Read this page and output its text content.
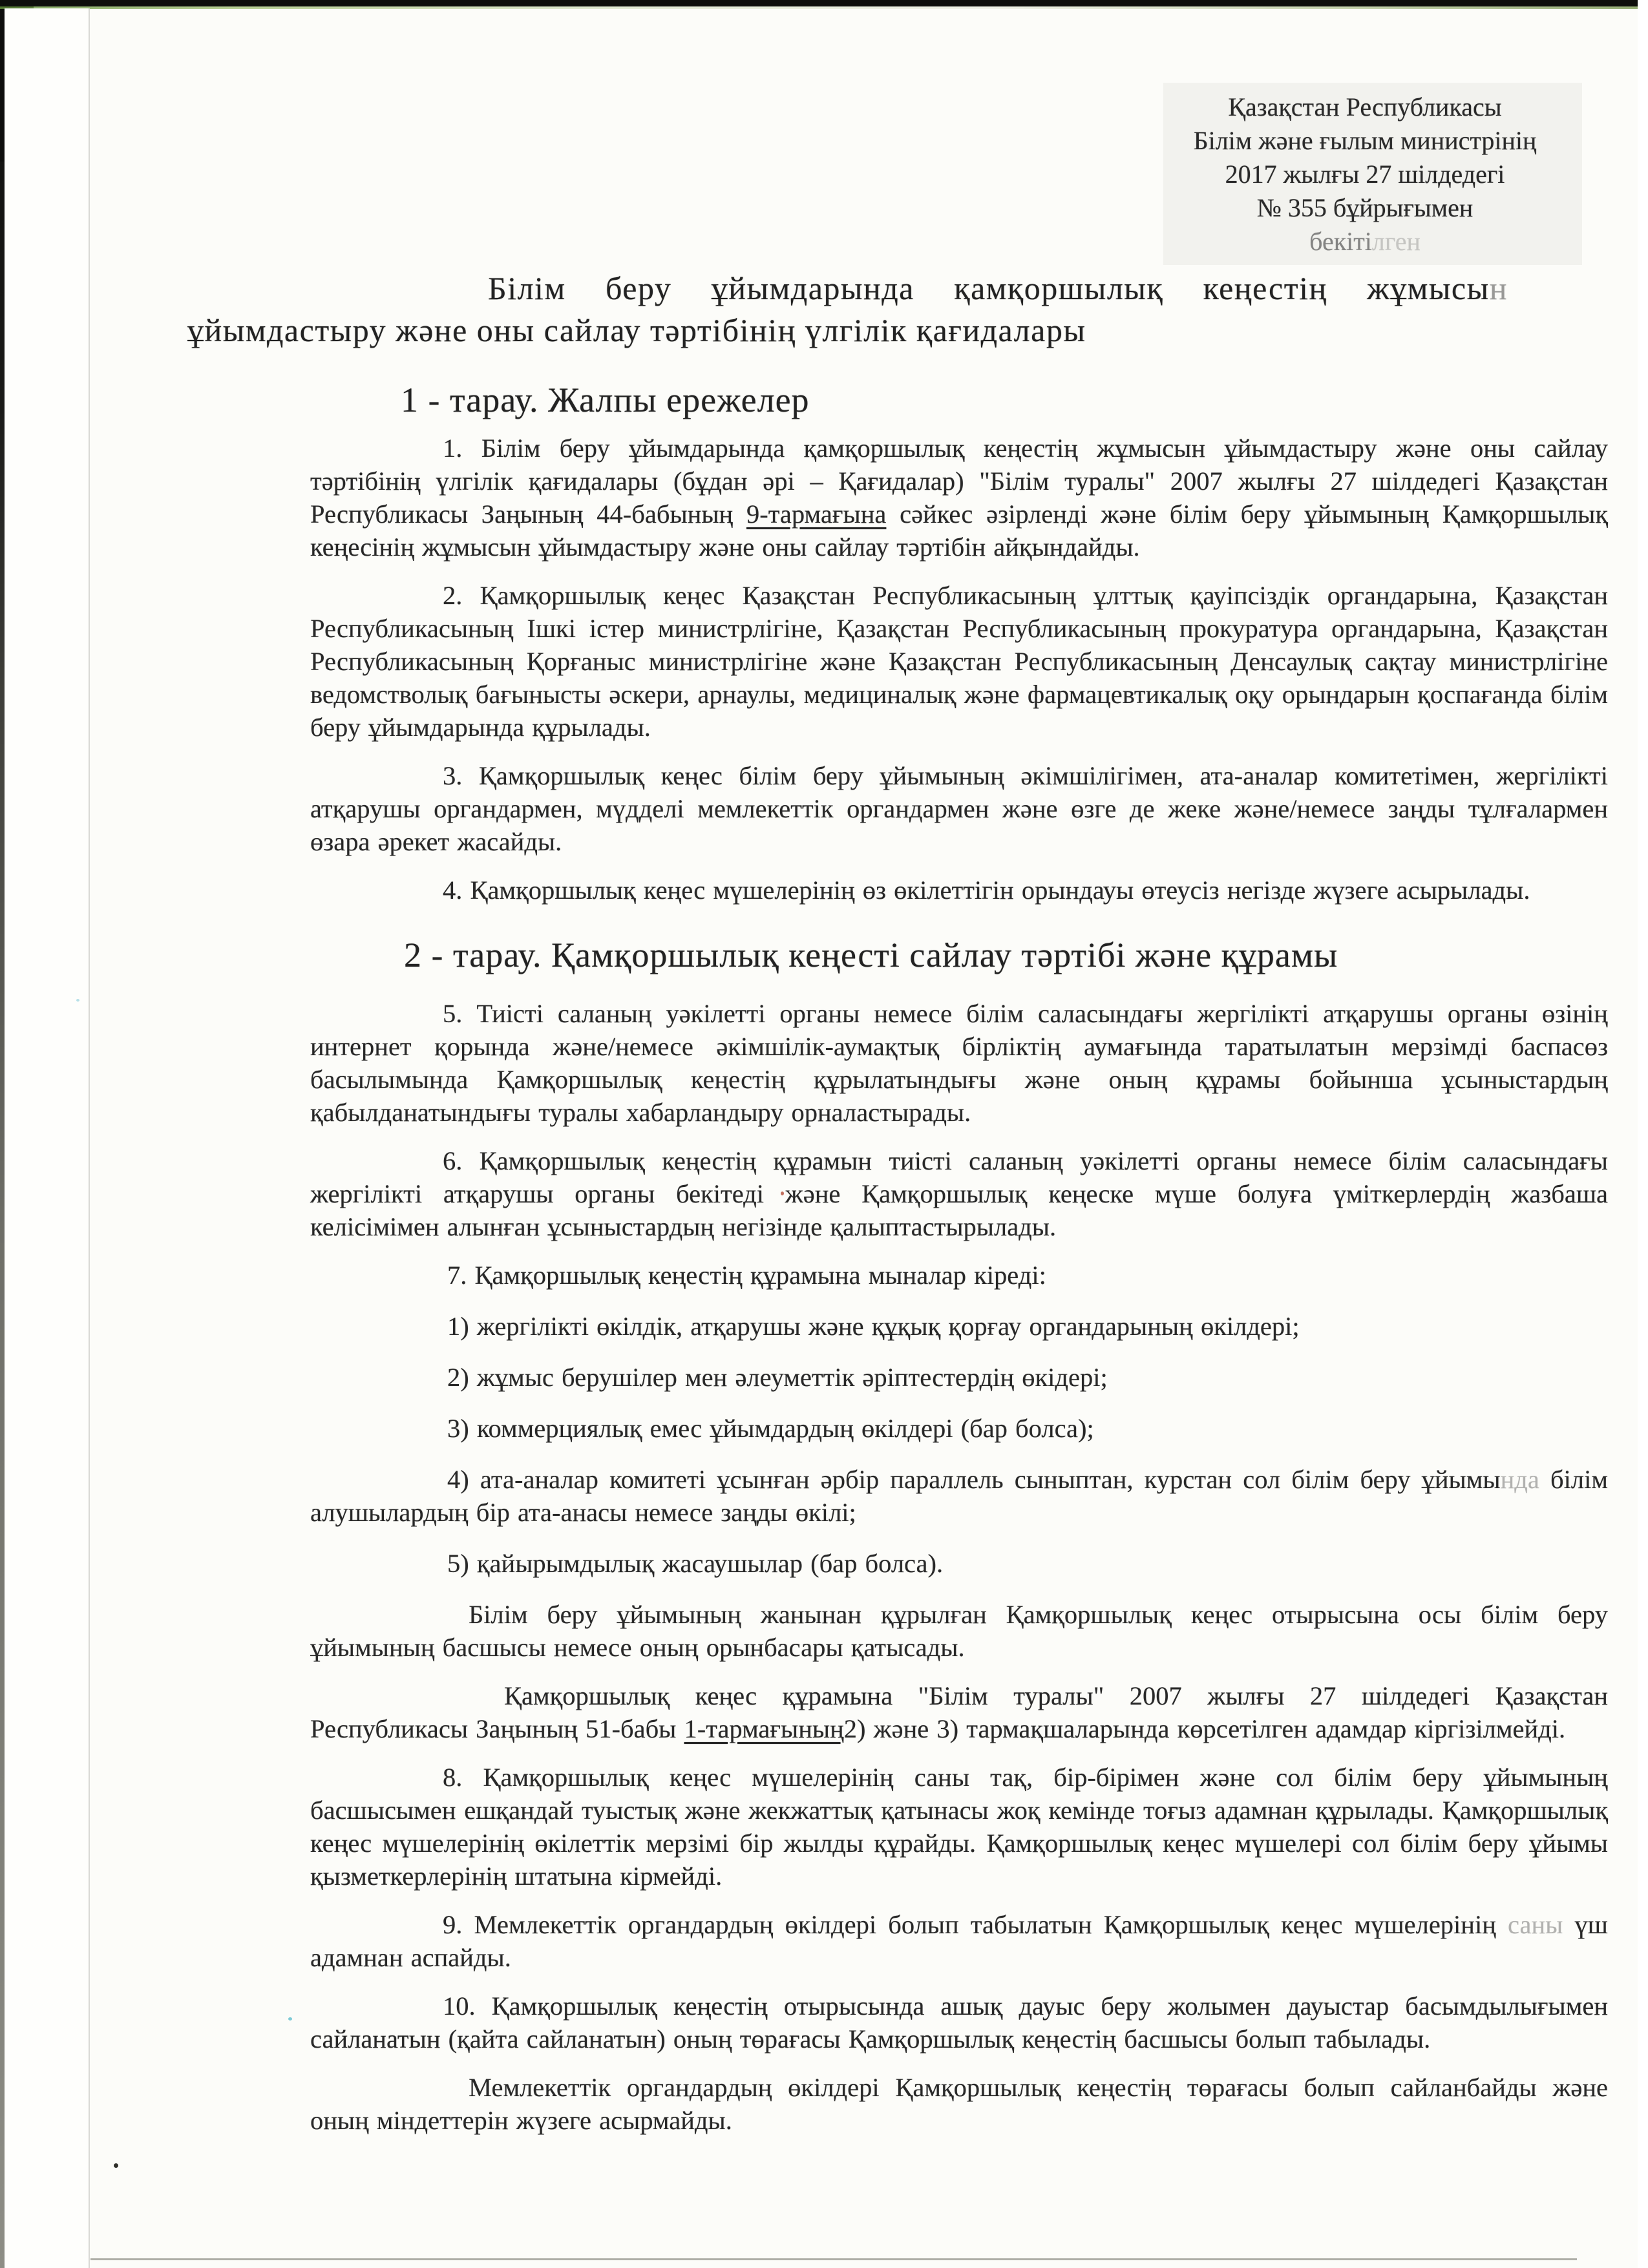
Қазақстан Республикасы
Білім және ғылым министрінің
2017 жылғы 27 шілдедегі
№ 355 бұйрығымен
бекітілген
Білім беру ұйымдарында қамқоршылық кеңестің жұмысын
ұйымдастыру және оны сайлау тәртібінің үлгілік қағидалары
1 - тарау. Жалпы ережелер

1. Білім беру ұйымдарында қамқоршылық кеңестің жұмысын ұйымдастыру және оны сайлау тәртібінің үлгілік қағидалары (бұдан әрі – Қағидалар) "Білім туралы" 2007 жылғы 27 шілдедегі Қазақстан Республикасы Заңының 44-бабының 9-тармағына сәйкес әзірленді және білім беру ұйымының Қамқоршылық кеңесінің жұмысын ұйымдастыру және оны сайлау тәртібін айқындайды.

2. Қамқоршылық кеңес Қазақстан Республикасының ұлттық қауіпсіздік органдарына, Қазақстан Республикасының Ішкі істер министрлігіне, Қазақстан Республикасының прокуратура органдарына, Қазақстан Республикасының Қорғаныс министрлігіне және Қазақстан Республикасының Денсаулық сақтау министрлігіне ведомстволық бағынысты әскери, арнаулы, медициналық және фармацевтикалық оқу орындарын қоспағанда білім беру ұйымдарында құрылады.

3. Қамқоршылық кеңес білім беру ұйымының әкімшілігімен, ата-аналар комитетімен, жергілікті атқарушы органдармен, мүдделі мемлекеттік органдармен және өзге де жеке және/немесе заңды тұлғалармен өзара әрекет жасайды.

4. Қамқоршылық кеңес мүшелерінің өз өкілеттігін орындауы өтеусіз негізде жүзеге асырылады.

2 - тарау. Қамқоршылық кеңесті сайлау тәртібі және құрамы

5. Тиісті саланың уәкілетті органы немесе білім саласындағы жергілікті атқарушы органы өзінің интернет қорында және/немесе әкімшілік-аумақтық бірліктің аумағында таратылатын мерзімді баспасөз басылымында Қамқоршылық кеңестің құрылатындығы және оның құрамы бойынша ұсыныстардың қабылданатындығы туралы хабарландыру орналастырады.

6. Қамқоршылық кеңестің құрамын тиісті саланың уәкілетті органы немесе білім саласындағы жергілікті атқарушы органы бекітеді және Қамқоршылық кеңеске мүше болуға үміткерлердің жазбаша келісімімен алынған ұсыныстардың негізінде қалыптастырылады.

7. Қамқоршылық кеңестің құрамына мыналар кіреді:

1) жергілікті өкілдік, атқарушы және құқық қорғау органдарының өкілдері;

2) жұмыс берушілер мен әлеуметтік әріптестердің өкідері;

3) коммерциялық емес ұйымдардың өкілдері (бар болса);

4) ата-аналар комитеті ұсынған әрбір параллель сыныптан, курстан сол білім беру ұйымында білім алушылардың бір ата-анасы немесе заңды өкілі;

5) қайырымдылық жасаушылар (бар болса).

Білім беру ұйымының жанынан құрылған Қамқоршылық кеңес отырысына осы білім беру ұйымының басшысы немесе оның орынбасары қатысады.

Қамқоршылық кеңес құрамына "Білім туралы" 2007 жылғы 27 шілдедегі Қазақстан Республикасы Заңының 51-бабы 1-тармағының2) және 3) тармақшаларында көрсетілген адамдар кіргізілмейді.

8. Қамқоршылық кеңес мүшелерінің саны тақ, бір-бірімен және сол білім беру ұйымының басшысымен ешқандай туыстық және жекжаттық қатынасы жоқ кемінде тоғыз адамнан құрылады. Қамқоршылық кеңес мүшелерінің өкілеттік мерзімі бір жылды құрайды. Қамқоршылық кеңес мүшелері сол білім беру ұйымы қызметкерлерінің штатына кірмейді.

9. Мемлекеттік органдардың өкілдері болып табылатын Қамқоршылық кеңес мүшелерінің саны үш адамнан аспайды.

10. Қамқоршылық кеңестің отырысында ашық дауыс беру жолымен дауыстар басымдылығымен сайланатын (қайта сайланатын) оның төрағасы Қамқоршылық кеңестің басшысы болып табылады.

Мемлекеттік органдардың өкілдері Қамқоршылық кеңестің төрағасы болып сайланбайды және оның міндеттерін жүзеге асырмайды.
